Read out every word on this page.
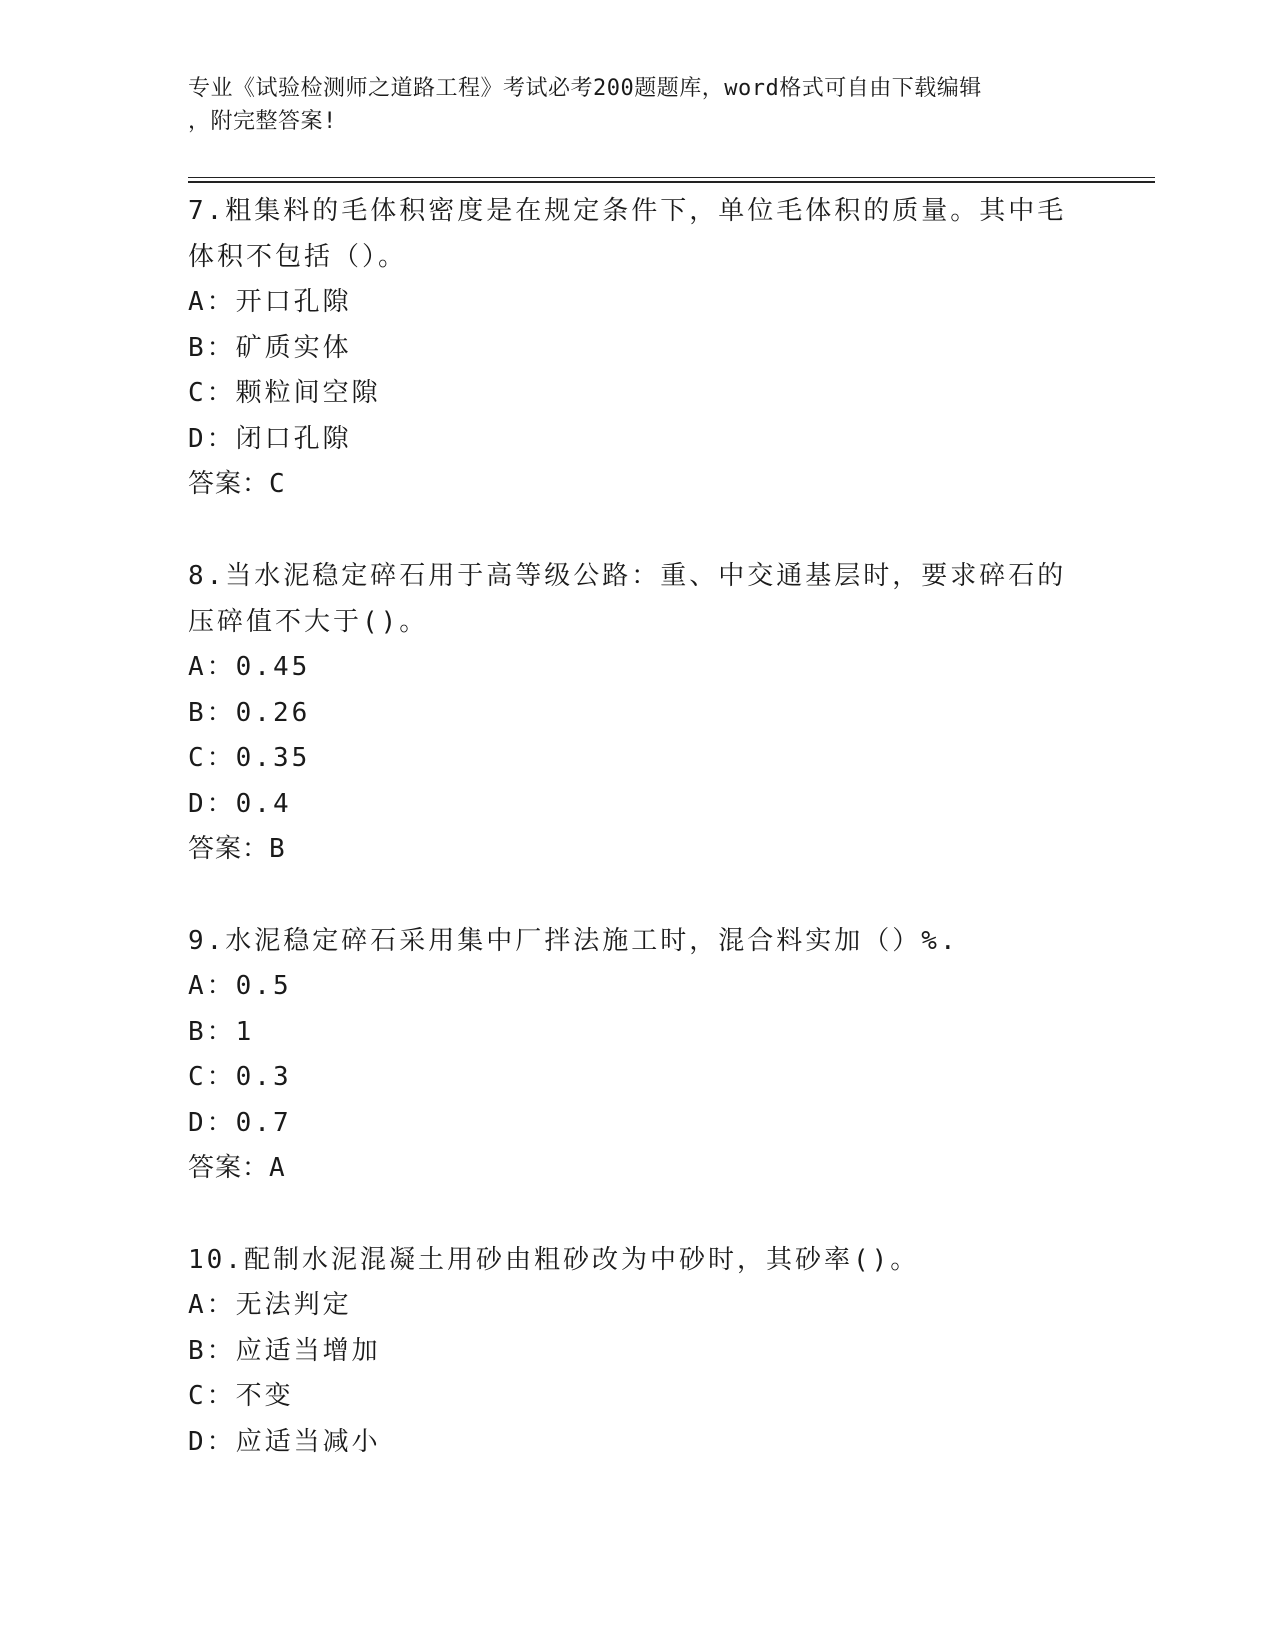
专业《试验检测师之道路工程》考试必考200题题库，word格式可自由下载编辑
，附完整答案!
7.粗集料的毛体积密度是在规定条件下，单位毛体积的质量。其中毛体积不包括（）。
A：开口孔隙
B：矿质实体
C：颗粒间空隙
D：闭口孔隙
答案：C
8.当水泥稳定碎石用于高等级公路：重、中交通基层时，要求碎石的压碎值不大于()。
A：0.45
B：0.26
C：0.35
D：0.4
答案：B
9.水泥稳定碎石采用集中厂拌法施工时，混合料实加（）%.
A：0.5
B：1
C：0.3
D：0.7
答案：A
10.配制水泥混凝土用砂由粗砂改为中砂时，其砂率()。
A：无法判定
B：应适当增加
C：不变
D：应适当减小
